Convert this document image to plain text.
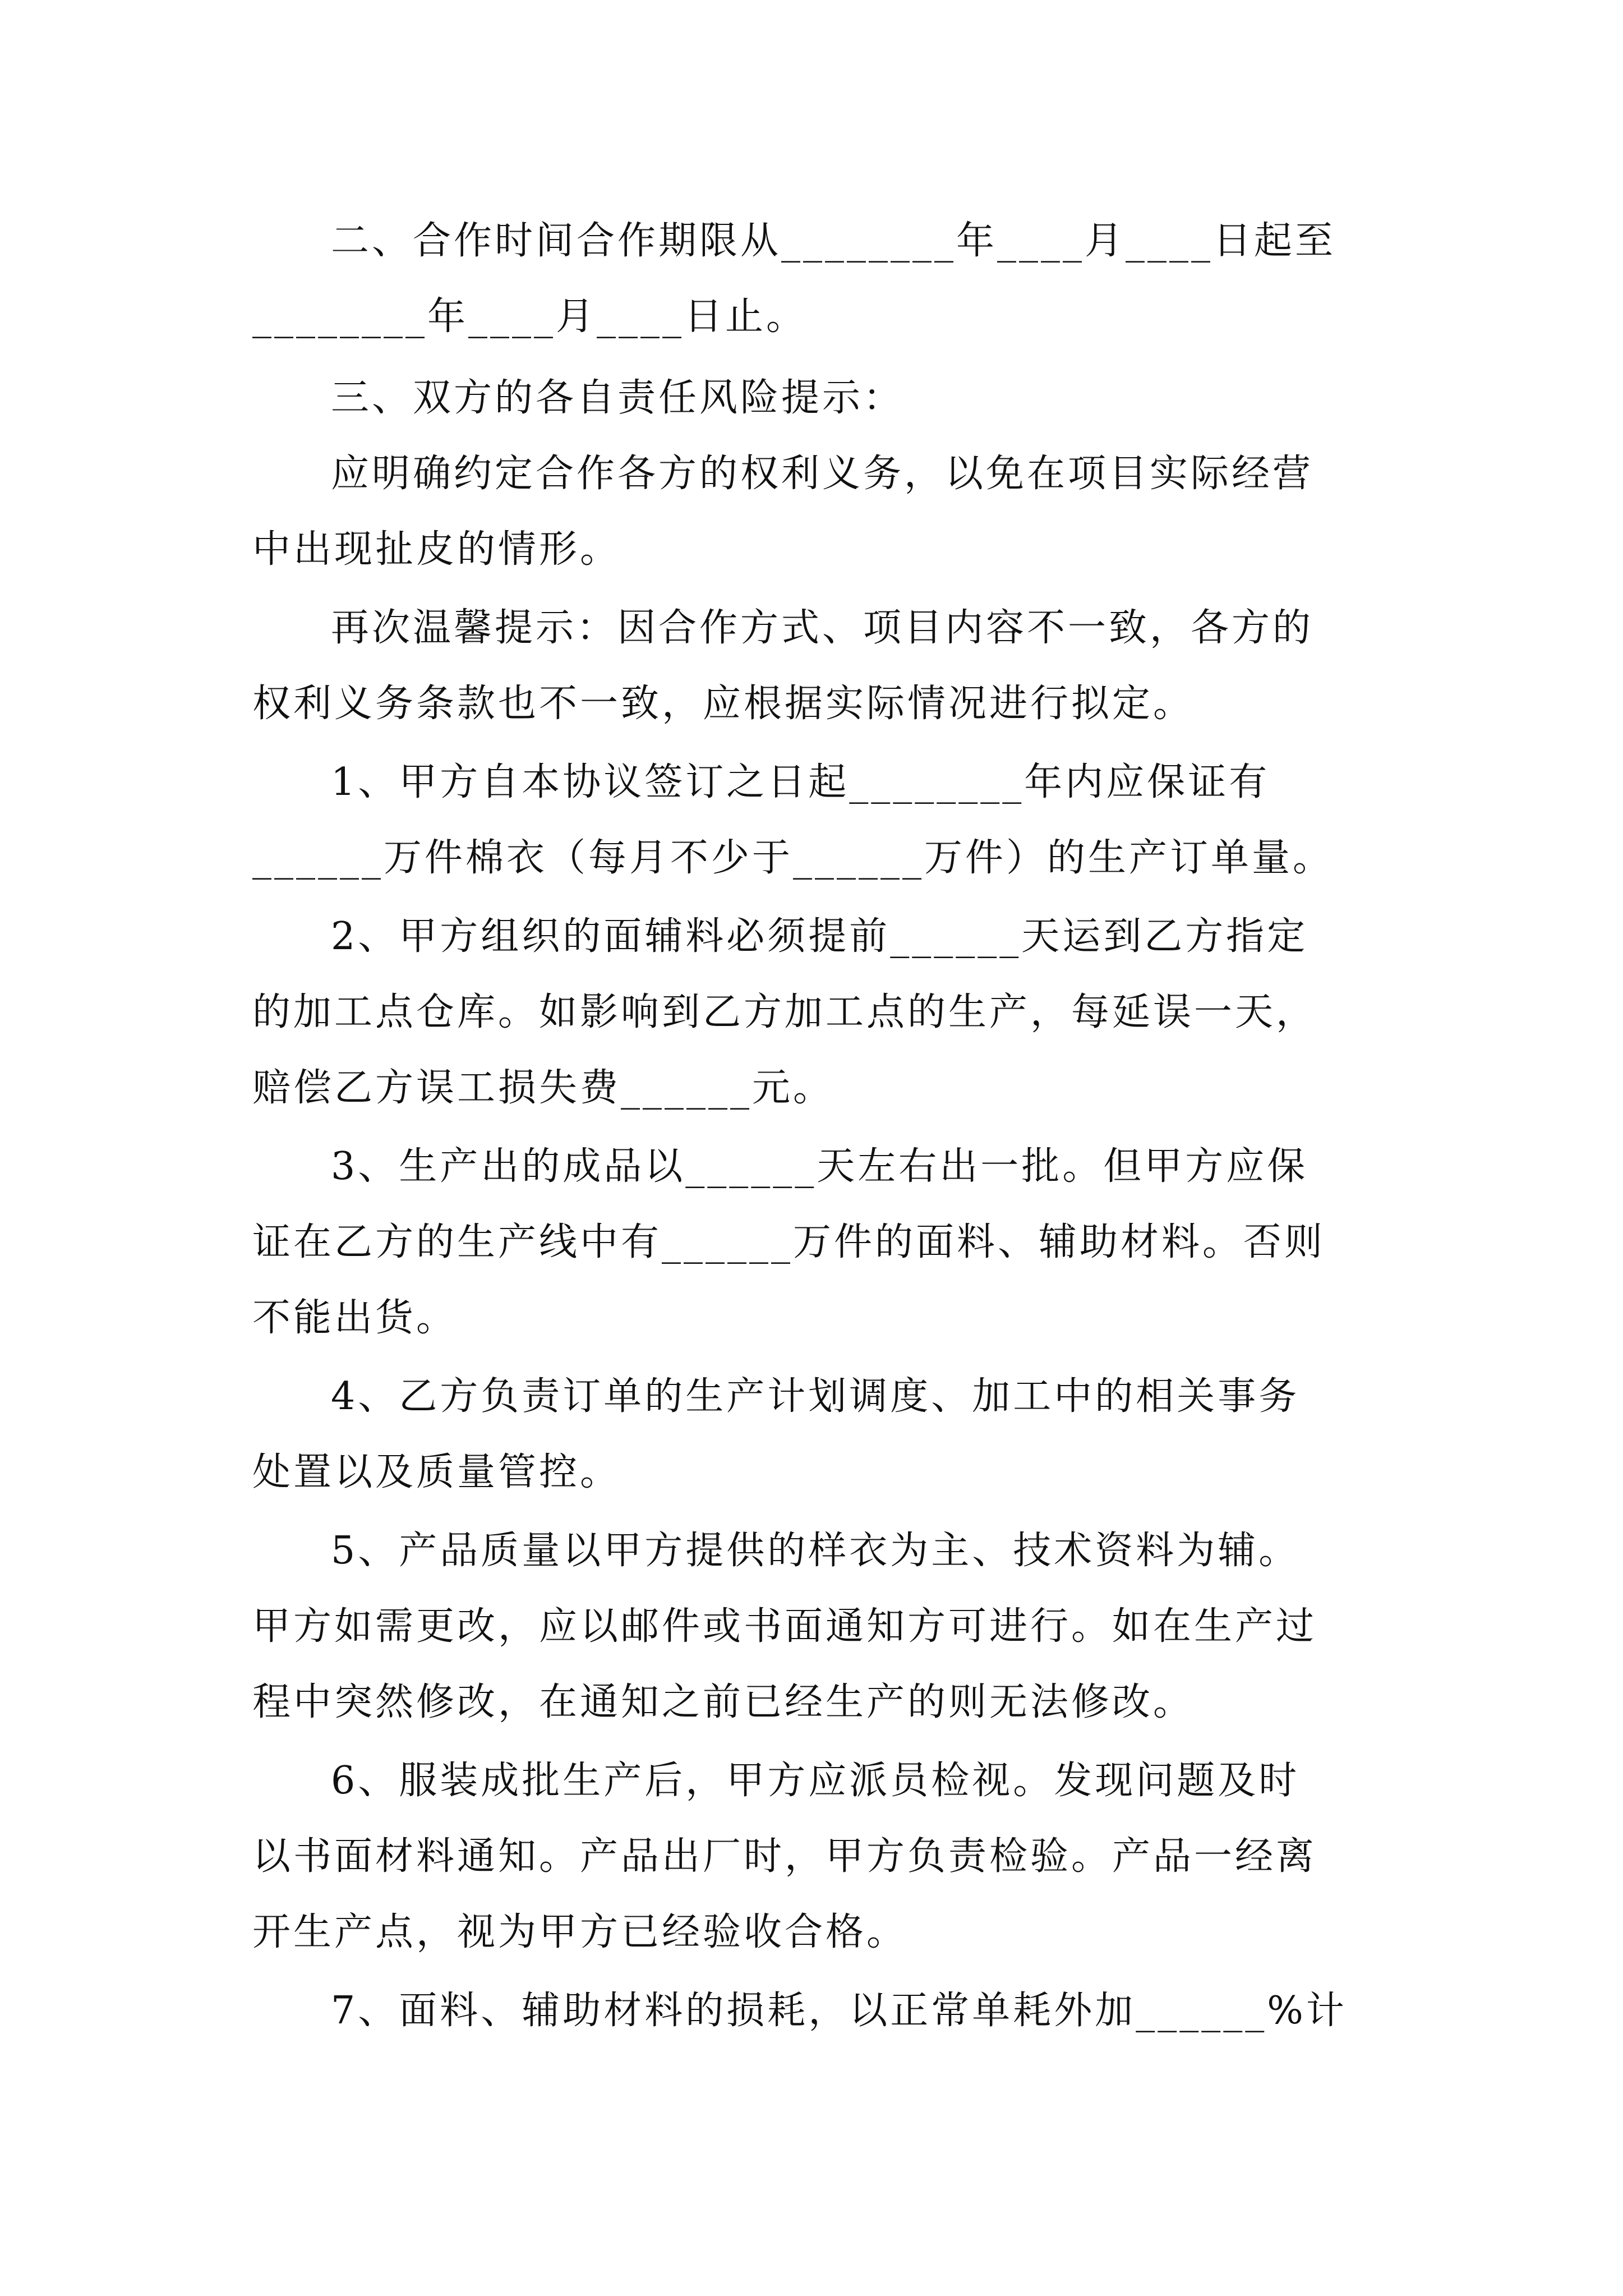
二、合作时间合作期限从________年____月____日起至
________年____月____日止。
三、双方的各自责任风险提示：
应明确约定合作各方的权利义务，以免在项目实际经营
中出现扯皮的情形。
再次温馨提示：因合作方式、项目内容不一致，各方的
权利义务条款也不一致，应根据实际情况进行拟定。
1、甲方自本协议签订之日起________年内应保证有
______万件棉衣（每月不少于______万件）的生产订单量。
2、甲方组织的面辅料必须提前______天运到乙方指定
的加工点仓库。如影响到乙方加工点的生产，每延误一天，
赔偿乙方误工损失费______元。
3、生产出的成品以______天左右出一批。但甲方应保
证在乙方的生产线中有______万件的面料、辅助材料。否则
不能出货。
4、乙方负责订单的生产计划调度、加工中的相关事务
处置以及质量管控。
5、产品质量以甲方提供的样衣为主、技术资料为辅。
甲方如需更改，应以邮件或书面通知方可进行。如在生产过
程中突然修改，在通知之前已经生产的则无法修改。
6、服装成批生产后，甲方应派员检视。发现问题及时
以书面材料通知。产品出厂时，甲方负责检验。产品一经离
开生产点，视为甲方已经验收合格。
7、面料、辅助材料的损耗，以正常单耗外加______%计
